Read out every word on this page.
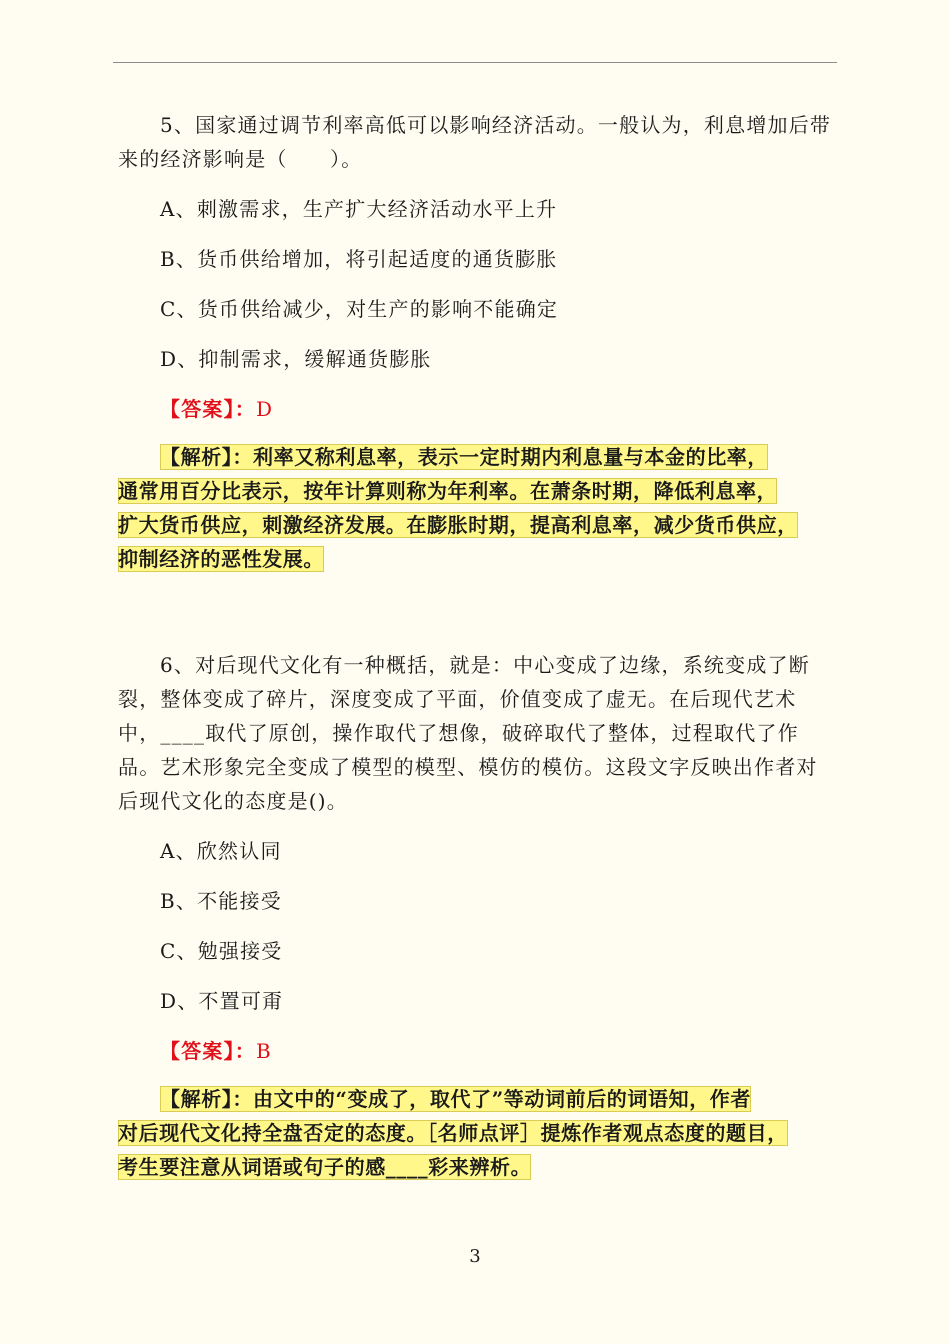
5、国家通过调节利率高低可以影响经济活动。一般认为，利息增加后带来的经济影响是（　　）。

A、刺激需求，生产扩大经济活动水平上升
B、货币供给增加，将引起适度的通货膨胀
C、货币供给减少，对生产的影响不能确定
D、抑制需求，缓解通货膨胀
【答案】：D
【解析】：利率又称利息率，表示一定时期内利息量与本金的比率，
通常用百分比表示，按年计算则称为年利率。在萧条时期，降低利息率，
扩大货币供应，刺激经济发展。在膨胀时期，提高利息率，减少货币供应，
抑制经济的恶性发展。

6、对后现代文化有一种概括，就是：中心变成了边缘，系统变成了断裂，整体变成了碎片，深度变成了平面，价值变成了虚无。在后现代艺术中，____取代了原创，操作取代了想像，破碎取代了整体，过程取代了作品。艺术形象完全变成了模型的模型、模仿的模仿。这段文字反映出作者对后现代文化的态度是()。

A、欣然认同
B、不能接受
C、勉强接受
D、不置可甭
【答案】：B
【解析】：由文中的“变成了，取代了”等动词前后的词语知，作者
对后现代文化持全盘否定的态度。［名师点评］提炼作者观点态度的题目，
考生要注意从词语或句子的感____彩来辨析。
3
